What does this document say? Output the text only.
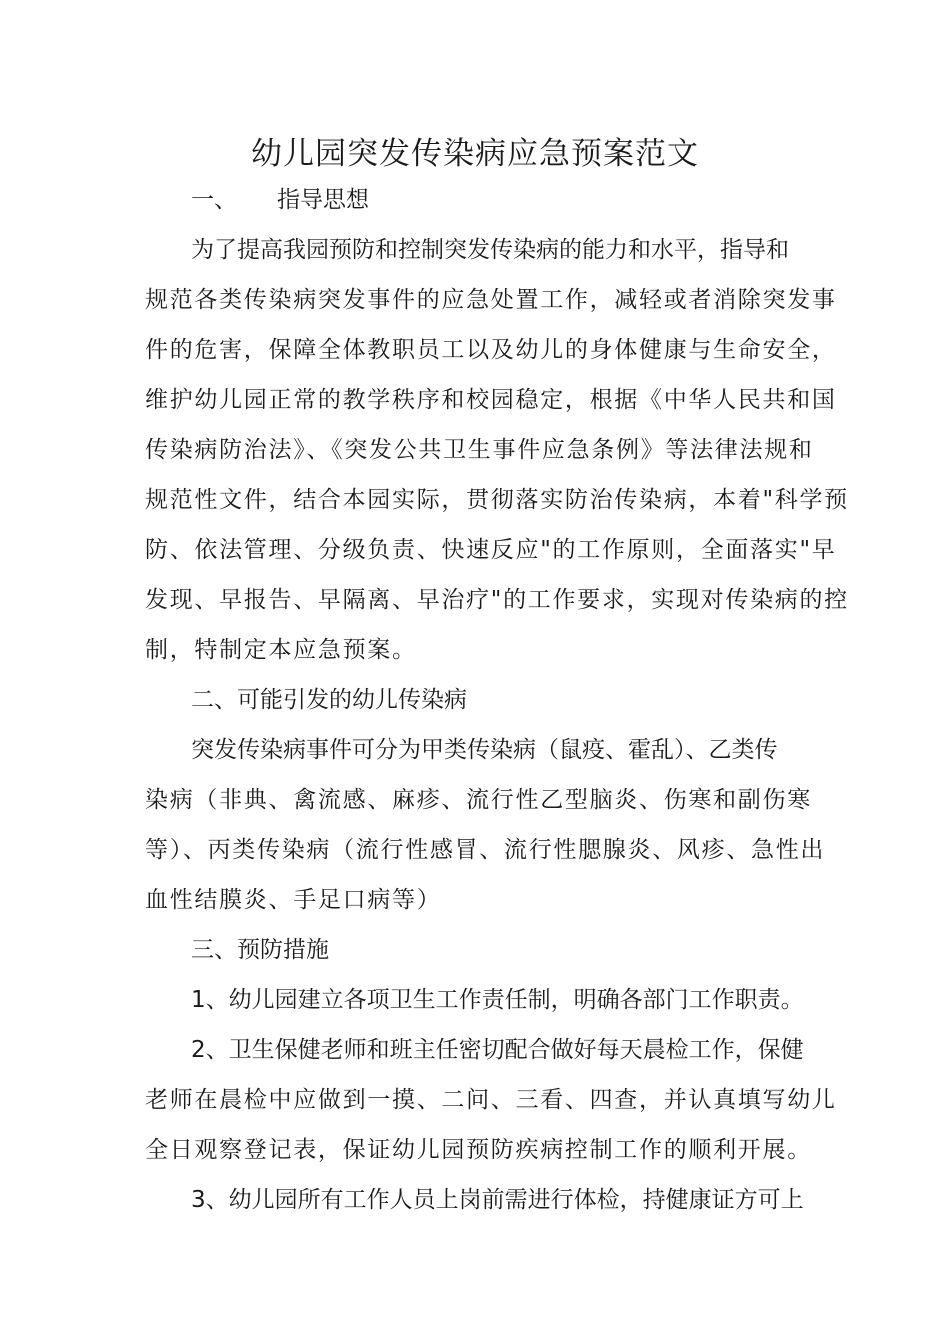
幼儿园突发传染病应急预案范文

一、 指导思想

为了提高我园预防和控制突发传染病的能力和水平，指导和

规范各类传染病突发事件的应急处置工作，减轻或者消除突发事

件的危害，保障全体教职员工以及幼儿的身体健康与生命安全，

维护幼儿园正常的教学秩序和校园稳定，根据《中华人民共和国

传染病防治法》、《突发公共卫生事件应急条例》等法律法规和

规范性文件，结合本园实际，贯彻落实防治传染病，本着"科学预

防、依法管理、分级负责、快速反应"的工作原则，全面落实"早

发现、早报告、早隔离、早治疗"的工作要求，实现对传染病的控

制，特制定本应急预案。

二、可能引发的幼儿传染病

突发传染病事件可分为甲类传染病（鼠疫、霍乱）、乙类传

染病（非典、禽流感、麻疹、流行性乙型脑炎、伤寒和副伤寒

等）、丙类传染病（流行性感冒、流行性腮腺炎、风疹、急性出

血性结膜炎、手足口病等）

三、预防措施

1、幼儿园建立各项卫生工作责任制，明确各部门工作职责。

2、卫生保健老师和班主任密切配合做好每天晨检工作，保健

老师在晨检中应做到一摸、二问、三看、四查，并认真填写幼儿

全日观察登记表，保证幼儿园预防疾病控制工作的顺利开展。

3、幼儿园所有工作人员上岗前需进行体检，持健康证方可上
